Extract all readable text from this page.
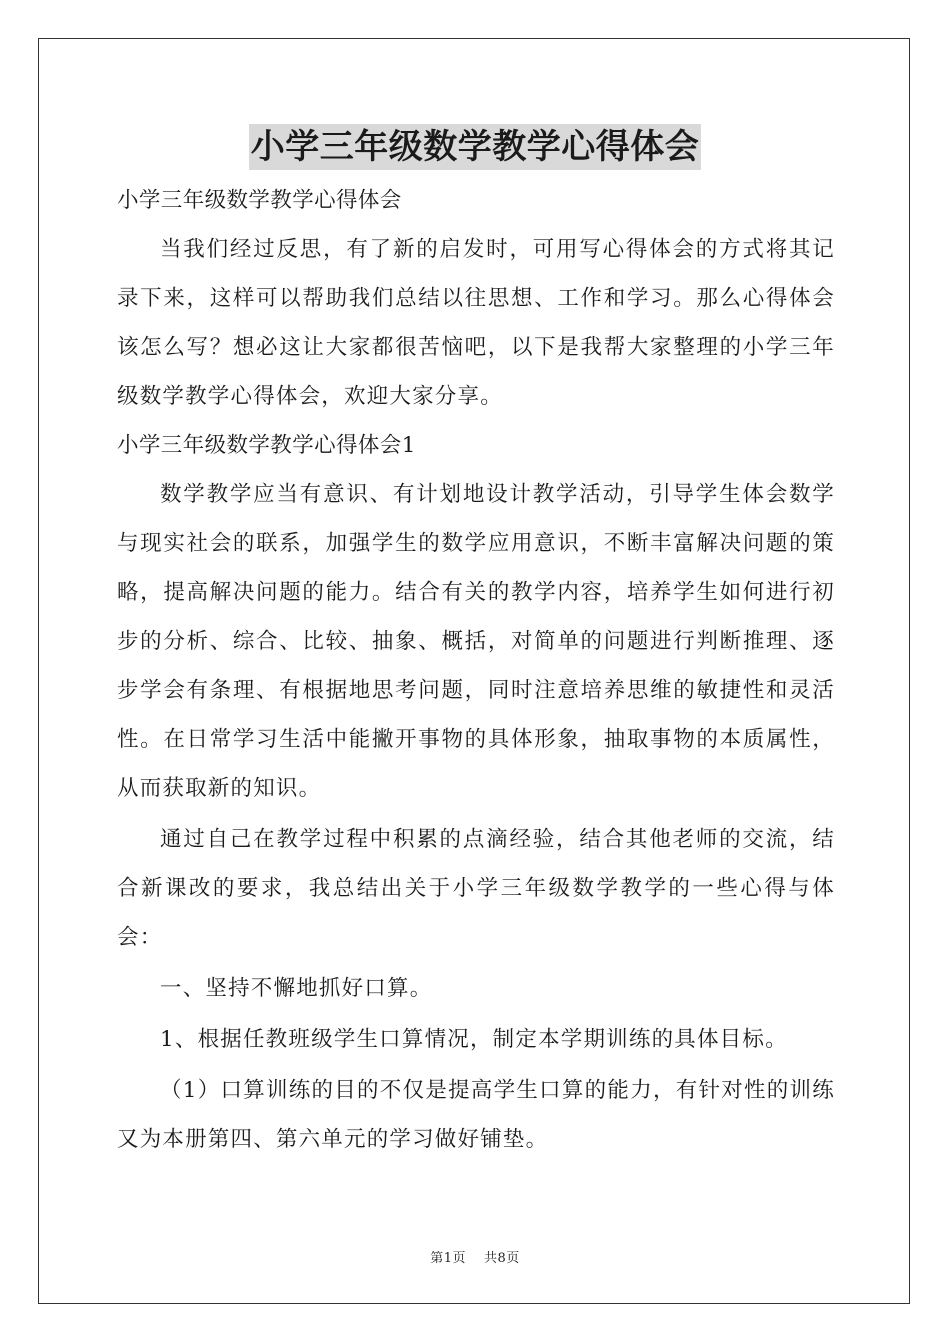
小学三年级数学教学心得体会

小学三年级数学教学心得体会

当我们经过反思，有了新的启发时，可用写心得体会的方式将其记录下来，这样可以帮助我们总结以往思想、工作和学习。那么心得体会该怎么写？想必这让大家都很苦恼吧，以下是我帮大家整理的小学三年级数学教学心得体会，欢迎大家分享。

小学三年级数学教学心得体会1

数学教学应当有意识、有计划地设计教学活动，引导学生体会数学与现实社会的联系，加强学生的数学应用意识，不断丰富解决问题的策略，提高解决问题的能力。结合有关的教学内容，培养学生如何进行初步的分析、综合、比较、抽象、概括，对简单的问题进行判断推理、逐步学会有条理、有根据地思考问题，同时注意培养思维的敏捷性和灵活性。在日常学习生活中能撇开事物的具体形象，抽取事物的本质属性，从而获取新的知识。

通过自己在教学过程中积累的点滴经验，结合其他老师的交流，结合新课改的要求，我总结出关于小学三年级数学教学的一些心得与体会：

一、坚持不懈地抓好口算。

1、根据任教班级学生口算情况，制定本学期训练的具体目标。

（1）口算训练的目的不仅是提高学生口算的能力，有针对性的训练又为本册第四、第六单元的学习做好铺垫。

第1页 共8页
